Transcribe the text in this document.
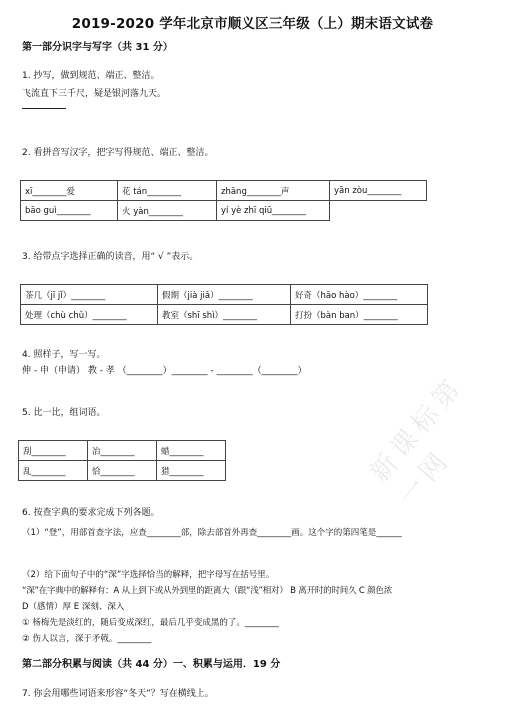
2019-2020 学年北京市顺义区三年级（上）期末语文试卷
第一部分识字与写字（共 31 分）
1. 抄写，做到规范、端正、整洁。
飞流直下三千尺，疑是银河落九天。
2. 看拼音写汉字，把字写得规范、端正、整洁。
xī________爱	花 tán________	zhāng________声	yān zòu________
bāo guì________	火 yàn________	yí yè zhī qiū________	
3. 给带点字选择正确的读音，用“ √ ”表示。
茶几（jī jǐ）________	假期（jià jiǎ）________	好奇（hāo hào）________
处理（chù chǔ）________	教室（shī shì）________	打扮（bàn ban）________
4. 照样子，写一写。
伸 - 申（申请） 教 - 孝 （________）________ - ________（________）
5. 比一比，组词语。
刮________	冶________	蜡________
乱________	恰________	猎________
6. 按查字典的要求完成下列各题。
（1）“登”，用部首查字法，应查________部，除去部首外再查________画。这个字的第四笔是______
（2）给下面句子中的“深”字选择恰当的解释，把字母写在括号里。
“深”在字典中的解释有：A 从上到下或从外到里的距离大（跟“浅”相对） B 离开时的时间久 C 颜色浓
D（感情）厚 E 深刻、深入
① 杨梅先是淡红的，随后变成深红，最后几乎变成黑的了。________
② 伤人以言，深于矛戟。________
第二部分积累与阅读（共 44 分）一、积累与运用．19 分
7. 你会用哪些词语来形容“冬天”？写在横线上。
新课标第一网
